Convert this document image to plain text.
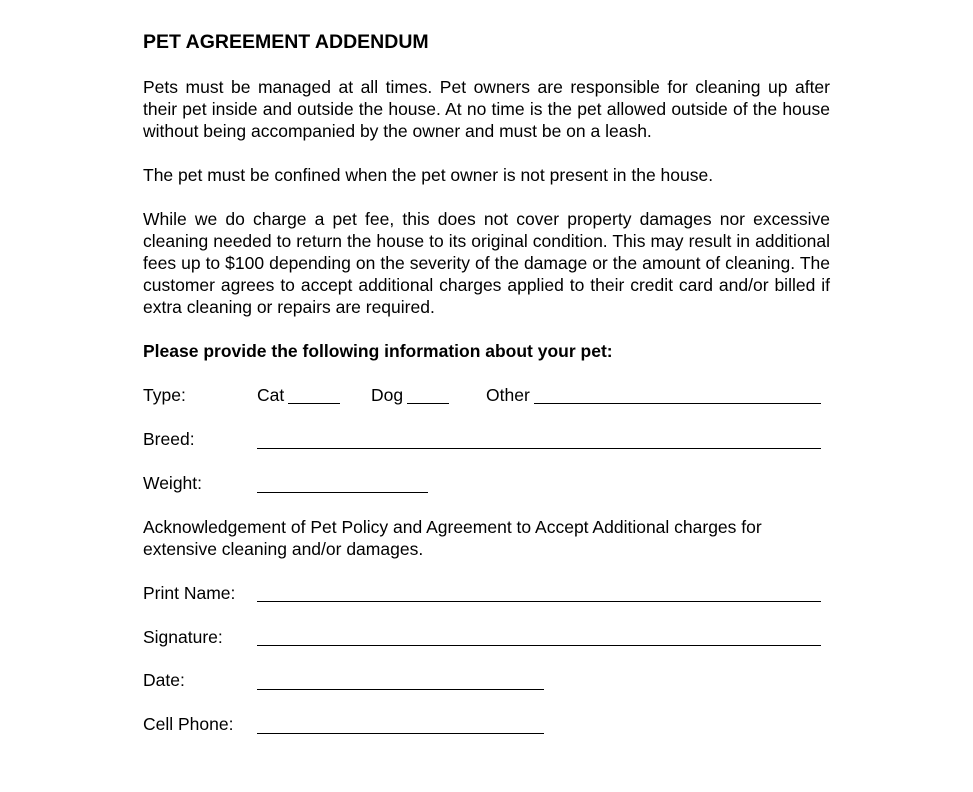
PET AGREEMENT ADDENDUM

Pets must be managed at all times. Pet owners are responsible for cleaning up after their pet inside and outside the house. At no time is the pet allowed outside of the house without being accompanied by the owner and must be on a leash.

The pet must be confined when the pet owner is not present in the house.

While we do charge a pet fee, this does not cover property damages nor excessive cleaning needed to return the house to its original condition. This may result in additional fees up to $100 depending on the severity of the damage or the amount of cleaning. The customer agrees to accept additional charges applied to their credit card and/or billed if extra cleaning or repairs are required.

Please provide the following information about your pet:

Type:	Cat	Dog	Other
Breed:
Weight:

Acknowledgement of Pet Policy and Agreement to Accept Additional charges for extensive cleaning and/or damages.

Print Name:
Signature:
Date:
Cell Phone:
